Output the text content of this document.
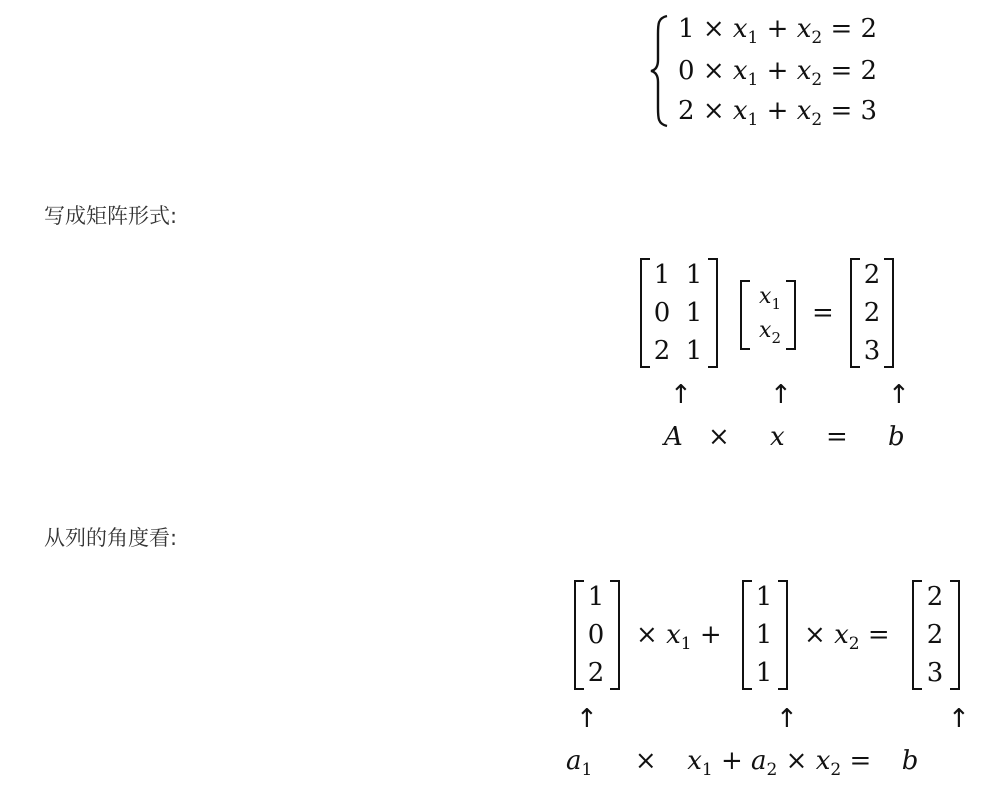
$1 \times x_1 + x_2 = 2$
$0 \times x_1 + x_2 = 2$
$2 \times x_1 + x_2 = 3$
写成矩阵形式:
1 1
0 1
2 1
$x_1$
$x_2$
=
2
2
3
↑	↑	↑
A × x = b
从列的角度看:
1
0
2
× $x_1$ +
1
1
1
× $x_2$ =
2
2
3
↑	↑	↑
$a_1 \times x_1 + a_2 \times x_2 = b$
